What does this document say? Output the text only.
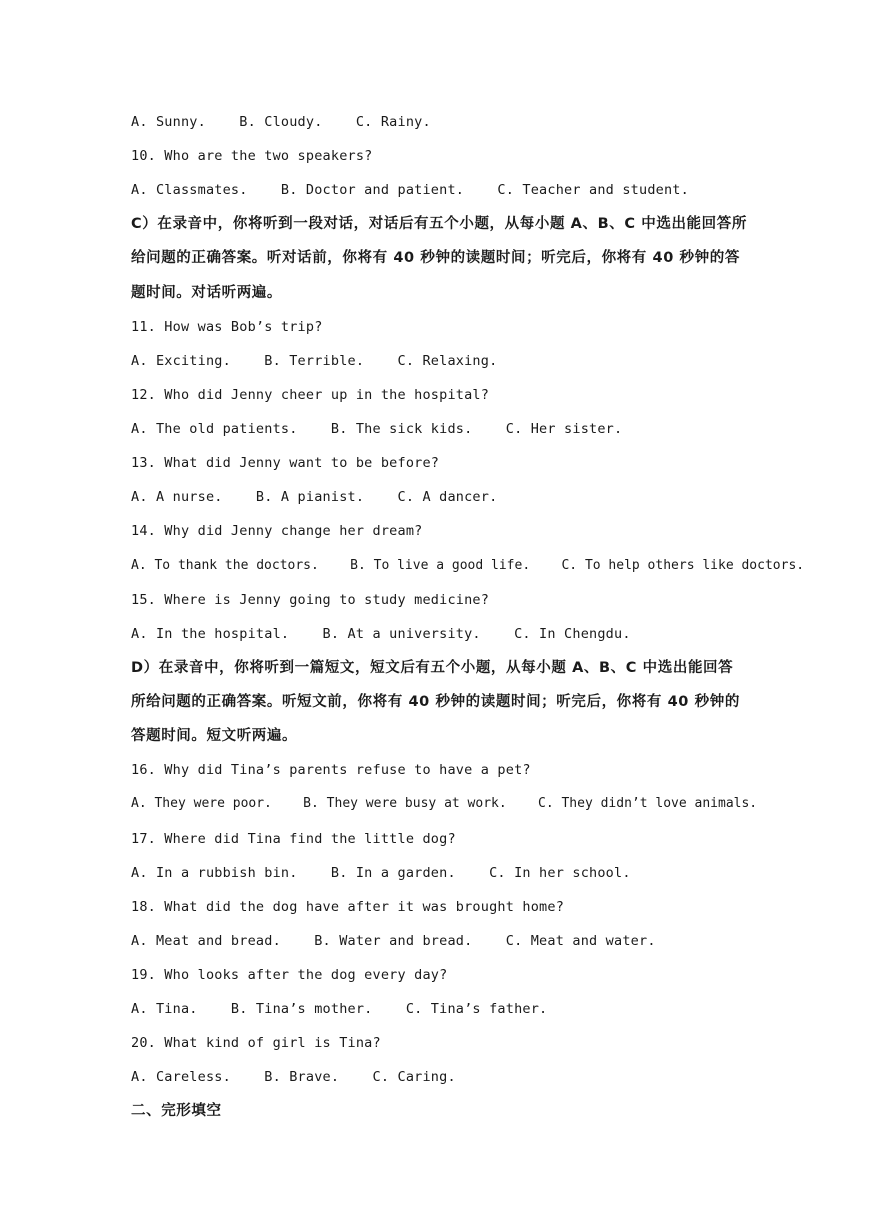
A. Sunny.    B. Cloudy.    C. Rainy.
10. Who are the two speakers?
A. Classmates.    B. Doctor and patient.    C. Teacher and student.
C）在录音中，你将听到一段对话，对话后有五个小题，从每小题 A、B、C 中选出能回答所
给问题的正确答案。听对话前，你将有 40 秒钟的读题时间；听完后，你将有 40 秒钟的答
题时间。对话听两遍。
11. How was Bob’s trip?
A. Exciting.    B. Terrible.    C. Relaxing.
12. Who did Jenny cheer up in the hospital?
A. The old patients.    B. The sick kids.    C. Her sister.
13. What did Jenny want to be before?
A. A nurse.    B. A pianist.    C. A dancer.
14. Why did Jenny change her dream?
A. To thank the doctors.    B. To live a good life.    C. To help others like doctors.
15. Where is Jenny going to study medicine?
A. In the hospital.    B. At a university.    C. In Chengdu.
D）在录音中，你将听到一篇短文，短文后有五个小题，从每小题 A、B、C 中选出能回答
所给问题的正确答案。听短文前，你将有 40 秒钟的读题时间；听完后，你将有 40 秒钟的
答题时间。短文听两遍。
16. Why did Tina’s parents refuse to have a pet?
A. They were poor.    B. They were busy at work.    C. They didn’t love animals.
17. Where did Tina find the little dog?
A. In a rubbish bin.    B. In a garden.    C. In her school.
18. What did the dog have after it was brought home?
A. Meat and bread.    B. Water and bread.    C. Meat and water.
19. Who looks after the dog every day?
A. Tina.    B. Tina’s mother.    C. Tina’s father.
20. What kind of girl is Tina?
A. Careless.    B. Brave.    C. Caring.
二、完形填空
